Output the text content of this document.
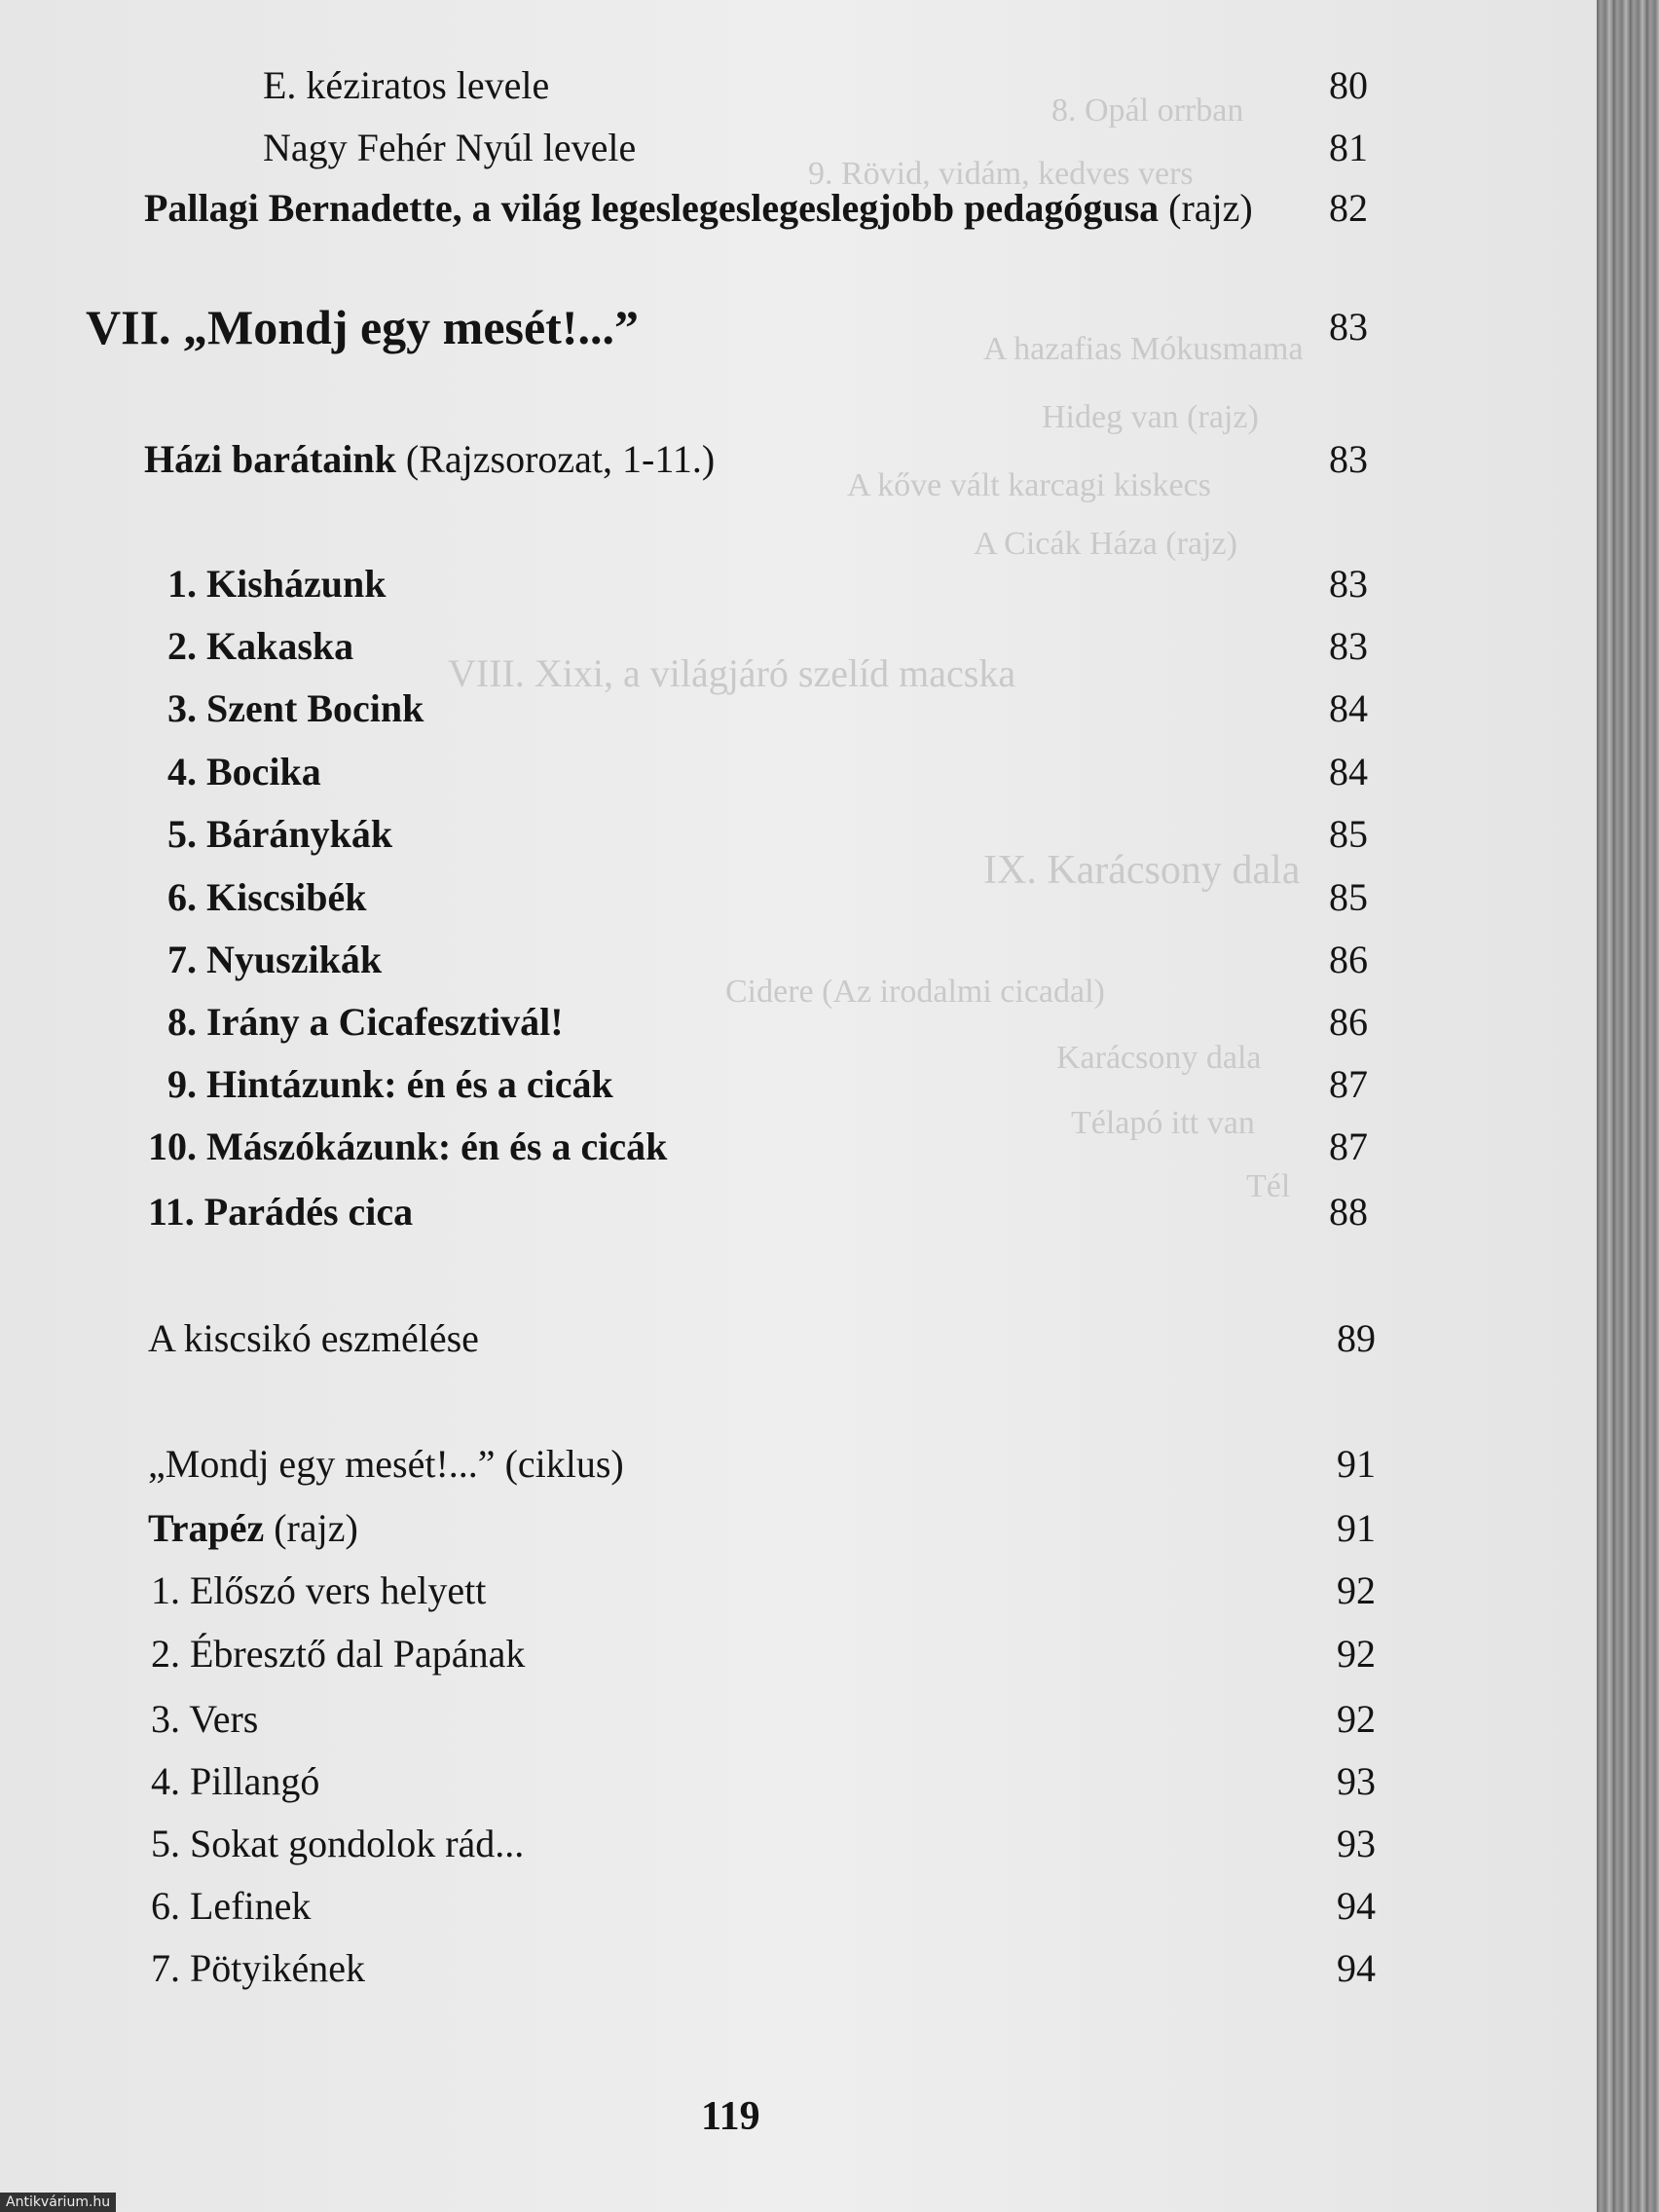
8. Opál orrban
9. Rövid, vidám, kedves vers
A hazafias Mókusmama
Hideg van (rajz)
A kőve vált karcagi kiskecs
A Cicák Háza (rajz)
VIII. Xixi, a világjáró szelíd macska
IX. Karácsony dala
Cidere (Az irodalmi cicadal)
Karácsony dala
Télapó itt van
Tél
E. kéziratos levele	80
Nagy Fehér Nyúl levele	81
Pallagi Bernadette, a világ legeslegeslegeslegjobb pedagógusa (rajz)	82
VII. „Mondj egy mesét!...”	83
Házi barátaink (Rajzsorozat, 1-11.)	83
1. Kisházunk	83
2. Kakaska	83
3. Szent Bocink	84
4. Bocika	84
5. Báránykák	85
6. Kiscsibék	85
7. Nyuszikák	86
8. Irány a Cicafesztivál!	86
9. Hintázunk: én és a cicák	87
10. Mászókázunk: én és a cicák	87
11. Parádés cica	88
A kiscsikó eszmélése	89
„Mondj egy mesét!...” (ciklus)	91
Trapéz (rajz)	91
1. Előszó vers helyett	92
2. Ébresztő dal Papának	92
3. Vers	92
4. Pillangó	93
5. Sokat gondolok rád...	93
6. Lefinek	94
7. Pötyikének	94
119
Antikvárium.hu
